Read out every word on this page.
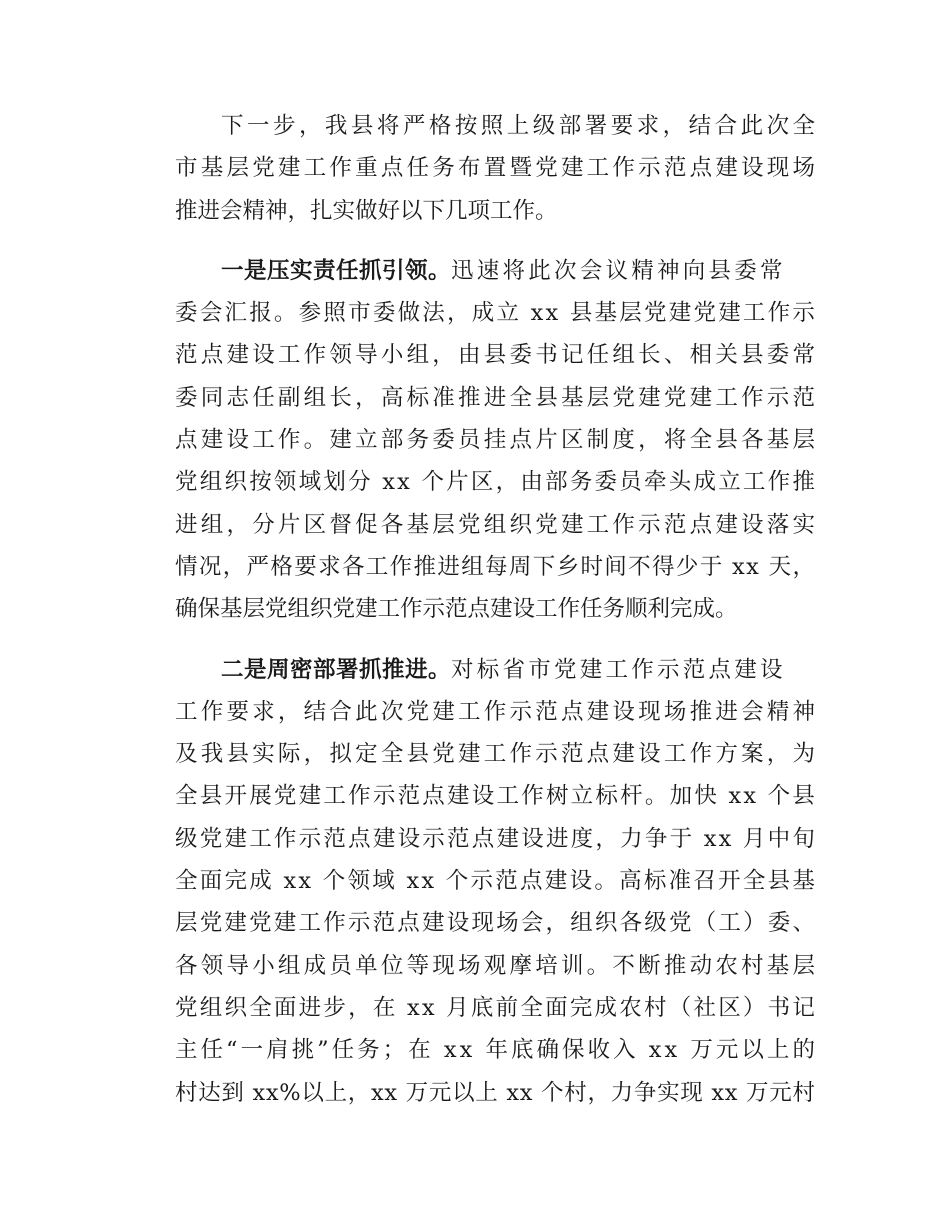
下一步，我县将严格按照上级部署要求，结合此次全
市基层党建工作重点任务布置暨党建工作示范点建设现场
推进会精神，扎实做好以下几项工作。
一是压实责任抓引领。迅速将此次会议精神向县委常
委会汇报。参照市委做法，成立 xx 县基层党建党建工作示
范点建设工作领导小组，由县委书记任组长、相关县委常
委同志任副组长，高标准推进全县基层党建党建工作示范
点建设工作。建立部务委员挂点片区制度，将全县各基层
党组织按领域划分 xx 个片区，由部务委员牵头成立工作推
进组，分片区督促各基层党组织党建工作示范点建设落实
情况，严格要求各工作推进组每周下乡时间不得少于 xx 天，
确保基层党组织党建工作示范点建设工作任务顺利完成。
二是周密部署抓推进。对标省市党建工作示范点建设
工作要求，结合此次党建工作示范点建设现场推进会精神
及我县实际，拟定全县党建工作示范点建设工作方案，为
全县开展党建工作示范点建设工作树立标杆。加快 xx 个县
级党建工作示范点建设示范点建设进度，力争于 xx 月中旬
全面完成 xx 个领域 xx 个示范点建设。高标准召开全县基
层党建党建工作示范点建设现场会，组织各级党（工）委、
各领导小组成员单位等现场观摩培训。不断推动农村基层
党组织全面进步，在 xx 月底前全面完成农村（社区）书记
主任“一肩挑”任务；在 xx 年底确保收入 xx 万元以上的
村达到 xx%以上，xx 万元以上 xx 个村，力争实现 xx 万元村
